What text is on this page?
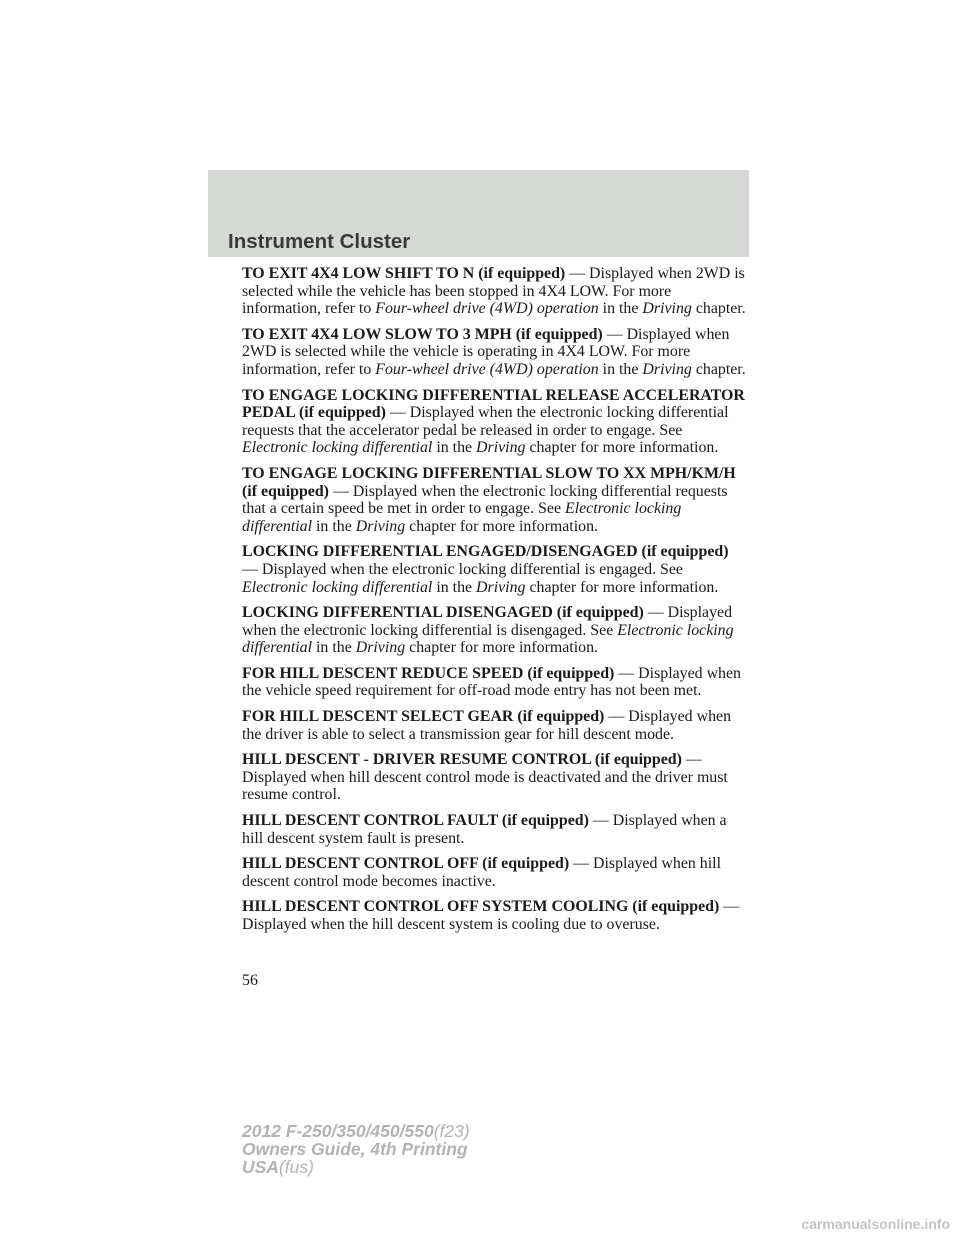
Instrument Cluster

TO EXIT 4X4 LOW SHIFT TO N (if equipped) — Displayed when 2WD is selected while the vehicle has been stopped in 4X4 LOW. For more information, refer to Four-wheel drive (4WD) operation in the Driving chapter.

TO EXIT 4X4 LOW SLOW TO 3 MPH (if equipped) — Displayed when 2WD is selected while the vehicle is operating in 4X4 LOW. For more information, refer to Four-wheel drive (4WD) operation in the Driving chapter.

TO ENGAGE LOCKING DIFFERENTIAL RELEASE ACCELERATOR PEDAL (if equipped) — Displayed when the electronic locking differential requests that the accelerator pedal be released in order to engage. See Electronic locking differential in the Driving chapter for more information.

TO ENGAGE LOCKING DIFFERENTIAL SLOW TO XX MPH/KM/H (if equipped) — Displayed when the electronic locking differential requests that a certain speed be met in order to engage. See Electronic locking differential in the Driving chapter for more information.

LOCKING DIFFERENTIAL ENGAGED/DISENGAGED (if equipped) — Displayed when the electronic locking differential is engaged. See Electronic locking differential in the Driving chapter for more information.

LOCKING DIFFERENTIAL DISENGAGED (if equipped) — Displayed when the electronic locking differential is disengaged. See Electronic locking differential in the Driving chapter for more information.

FOR HILL DESCENT REDUCE SPEED (if equipped) — Displayed when the vehicle speed requirement for off-road mode entry has not been met.

FOR HILL DESCENT SELECT GEAR (if equipped) — Displayed when the driver is able to select a transmission gear for hill descent mode.

HILL DESCENT - DRIVER RESUME CONTROL (if equipped) — Displayed when hill descent control mode is deactivated and the driver must resume control.

HILL DESCENT CONTROL FAULT (if equipped) — Displayed when a hill descent system fault is present.

HILL DESCENT CONTROL OFF (if equipped) — Displayed when hill descent control mode becomes inactive.

HILL DESCENT CONTROL OFF SYSTEM COOLING (if equipped) — Displayed when the hill descent system is cooling due to overuse.

56
2012 F-250/350/450/550(f23)
Owners Guide, 4th Printing
USA(fus)
carmanualsonline.info
